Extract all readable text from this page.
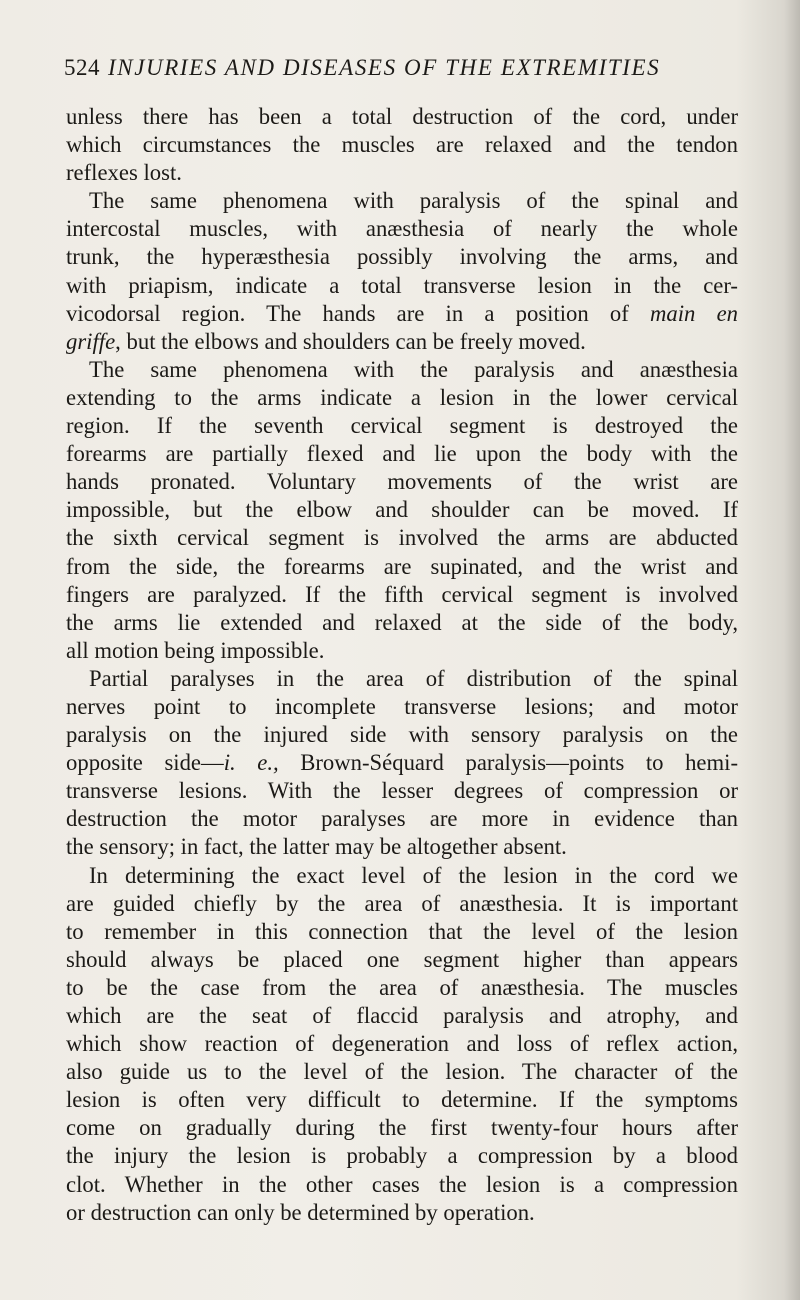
524 INJURIES AND DISEASES OF THE EXTREMITIES
unless there has been a total destruction of the cord, under
which circumstances the muscles are relaxed and the tendon
reflexes lost.
The same phenomena with paralysis of the spinal and
intercostal muscles, with anæsthesia of nearly the whole
trunk, the hyperæsthesia possibly involving the arms, and
with priapism, indicate a total transverse lesion in the cer-
vicodorsal region. The hands are in a position of main en
griffe, but the elbows and shoulders can be freely moved.
The same phenomena with the paralysis and anæsthesia
extending to the arms indicate a lesion in the lower cervical
region. If the seventh cervical segment is destroyed the
forearms are partially flexed and lie upon the body with the
hands pronated. Voluntary movements of the wrist are
impossible, but the elbow and shoulder can be moved. If
the sixth cervical segment is involved the arms are abducted
from the side, the forearms are supinated, and the wrist and
fingers are paralyzed. If the fifth cervical segment is involved
the arms lie extended and relaxed at the side of the body,
all motion being impossible.
Partial paralyses in the area of distribution of the spinal
nerves point to incomplete transverse lesions; and motor
paralysis on the injured side with sensory paralysis on the
opposite side—i. e., Brown-Séquard paralysis—points to hemi-
transverse lesions. With the lesser degrees of compression or
destruction the motor paralyses are more in evidence than
the sensory; in fact, the latter may be altogether absent.
In determining the exact level of the lesion in the cord we
are guided chiefly by the area of anæsthesia. It is important
to remember in this connection that the level of the lesion
should always be placed one segment higher than appears
to be the case from the area of anæsthesia. The muscles
which are the seat of flaccid paralysis and atrophy, and
which show reaction of degeneration and loss of reflex action,
also guide us to the level of the lesion. The character of the
lesion is often very difficult to determine. If the symptoms
come on gradually during the first twenty-four hours after
the injury the lesion is probably a compression by a blood
clot. Whether in the other cases the lesion is a compression
or destruction can only be determined by operation.
